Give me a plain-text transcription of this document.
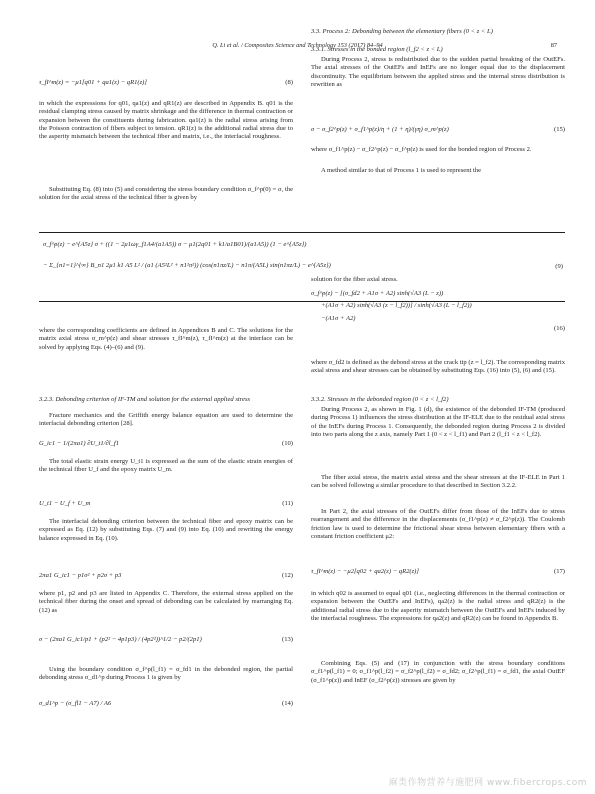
Q. Li et al. / Composites Science and Technology 153 (2017) 84–94	87
τ_fI^m(z) = −μ1[q01 + qa1(z) − qR1(z)]	(8)

in which the expressions for q01, qa1(z) and qR1(z) are described in Appendix B. q01 is the residual clamping stress caused by matrix shrinkage and the difference in thermal contraction or expansion between the constituents during fabrication. qa1(z) is the radial stress arising from the Poisson contraction of fibers subject to tension. qR1(z) is the additional radial stress due to the asperity mismatch between the technical fiber and matrix, i.e., the interfacial roughness.

Substituting Eq. (8) into (5) and considering the stress boundary condition σ_f^p(0) = σ, the solution for the axial stress of the technical fiber is given by

where the corresponding coefficients are defined in Appendices B and C. The solutions for the matrix axial stress σ_m^p(z) and shear stresses τ_fI^m(z), τ_fI^m(z) at the interface can be solved by applying Eqs. (4)–(6) and (9).

3.2.3. Debonding criterion of IF-TM and solution for the external applied stress

Fracture mechanics and the Griffith energy balance equation are used to determine the interfacial debonding criterion [28].

G_ic1 − 1/(2πa1) ∂U_t1/∂l_f1	(10)

The total elastic strain energy U_t1 is expressed as the sum of the elastic strain energies of the technical fiber U_f and the epoxy matrix U_m.

U_t1 − U_f + U_m	(11)

The interfacial debonding criterion between the technical fiber and epoxy matrix can be expressed as Eq. (12) by substituting Eqs. (7) and (9) into Eq. (10) and rewriting the energy balance expressed in Eq. (10).

2πa1 G_ic1 − p1σ² + p2σ + p3	(12)

where p1, p2 and p3 are listed in Appendix C. Therefore, the external stress applied on the technical fiber during the onset and spread of debonding can be calculated by rearranging Eq. (12) as

σ − (2πa1 G_ic1/p1 + (p2² − 4p1p3) / (4p2²))^1/2 − p2/(2p1)	(13)

Using the boundary condition σ_f^p(l_f1) = σ_fd1 in the debonded region, the partial debonding stress σ_d1^p during Process 1 is given by

σ_d1^p − (σ_fl1 − A7) / A6	(14)
σ_f^p(z) − e^{A5z} σ + ((1 − 2μ1ωγ_f1A4/(a1A5)) σ − μ1(2q01 + k1/a1B01)/(a1A5)) (1 − e^{A5z})
− Σ_{n1=1}^{∞} B_n1 2μ1 k1 A5 L² / (a1 (A5²L² + n1²π²)) (cos(n1πz/L) − n1π/(A5L) sin(n1πz/L) − e^{A5z})	(9)

3.3. Process 2: Debonding between the elementary fibers (0 < z < L)

3.3.1. Stresses in the bonded region (l_f2 < z < L)

During Process 2, stress is redistributed due to the sudden partial breaking of the OutEFs. The axial stresses of the OutEFs and InEFs are no longer equal due to the displacement discontinuity. The equilibrium between the applied stress and the internal stress distribution is rewritten as

σ − σ_f2^p(z) + σ_f1^p(z)/η + (1 + η)/(γη) σ_m^p(z)	(15)

where σ_f1^p(z) − σ_f2^p(z) − σ_f^p(z) is used for the bonded region of Process 2.

A method similar to that of Process 1 is used to represent the

solution for the fiber axial stress.

σ_f^p(z) − [(σ_fd2 + A1σ + A2) sinh(√A3 (L − z))
+(A1σ + A2) sinh(√A3 (z − l_f2))] / sinh(√A3 (L − l_f2))
−(A1σ + A2)
(16)

where σ_fd2 is defined as the debond stress at the crack tip (z = l_f2). The corresponding matrix axial stress and shear stresses can be obtained by substituting Eqs. (16) into (5), (6) and (15).

3.3.2. Stresses in the debonded region (0 < z < l_f2)

During Process 2, as shown in Fig. 1 (d), the existence of the debonded IF-TM (produced during Process 1) influences the stress distribution at the IF-ELE due to the residual axial stress of the InEFs during Process 1. Consequently, the debonded region during Process 2 is divided into two parts along the z axis, namely Part 1 (0 < z < l_f1) and Part 2 (l_f1 < z < l_f2).

The fiber axial stress, the matrix axial stress and the shear stresses at the IF-ELE in Part 1 can be solved following a similar procedure to that described in Section 3.2.2.

In Part 2, the axial stresses of the OutEFs differ from those of the InEFs due to stress rearrangement and the difference in the displacements (σ_f1^p(z) ≠ σ_f2^p(z)). The Coulomb friction law is used to determine the frictional shear stress between elementary fibers with a constant friction coefficient μ2:

τ_fI^m(z) − −μ2[q02 + qa2(z) − qR2(z)]	(17)

in which q02 is assumed to equal q01 (i.e., neglecting differences in the thermal contraction or expansion between the OutEFs and InEFs), qa2(z) is the radial stress and qR2(z) is the additional radial stress due to the asperity mismatch between the OutEFs and InEFs induced by the interfacial roughness. The expressions for qa2(z) and qR2(z) can be found in Appendix B.

Combining Eqs. (5) and (17) in conjunction with the stress boundary conditions σ_f1^p(l_f1) = 0; σ_f1^p(l_f2) = σ_f2^p(l_f2) = σ_fd2; σ_f2^p(l_f1) = σ_fd1, the axial OutEF (σ_f1^p(z)) and InEF (σ_f2^p(z)) stresses are given by

麻类作物营养与施肥网 www.fibercrops.com
